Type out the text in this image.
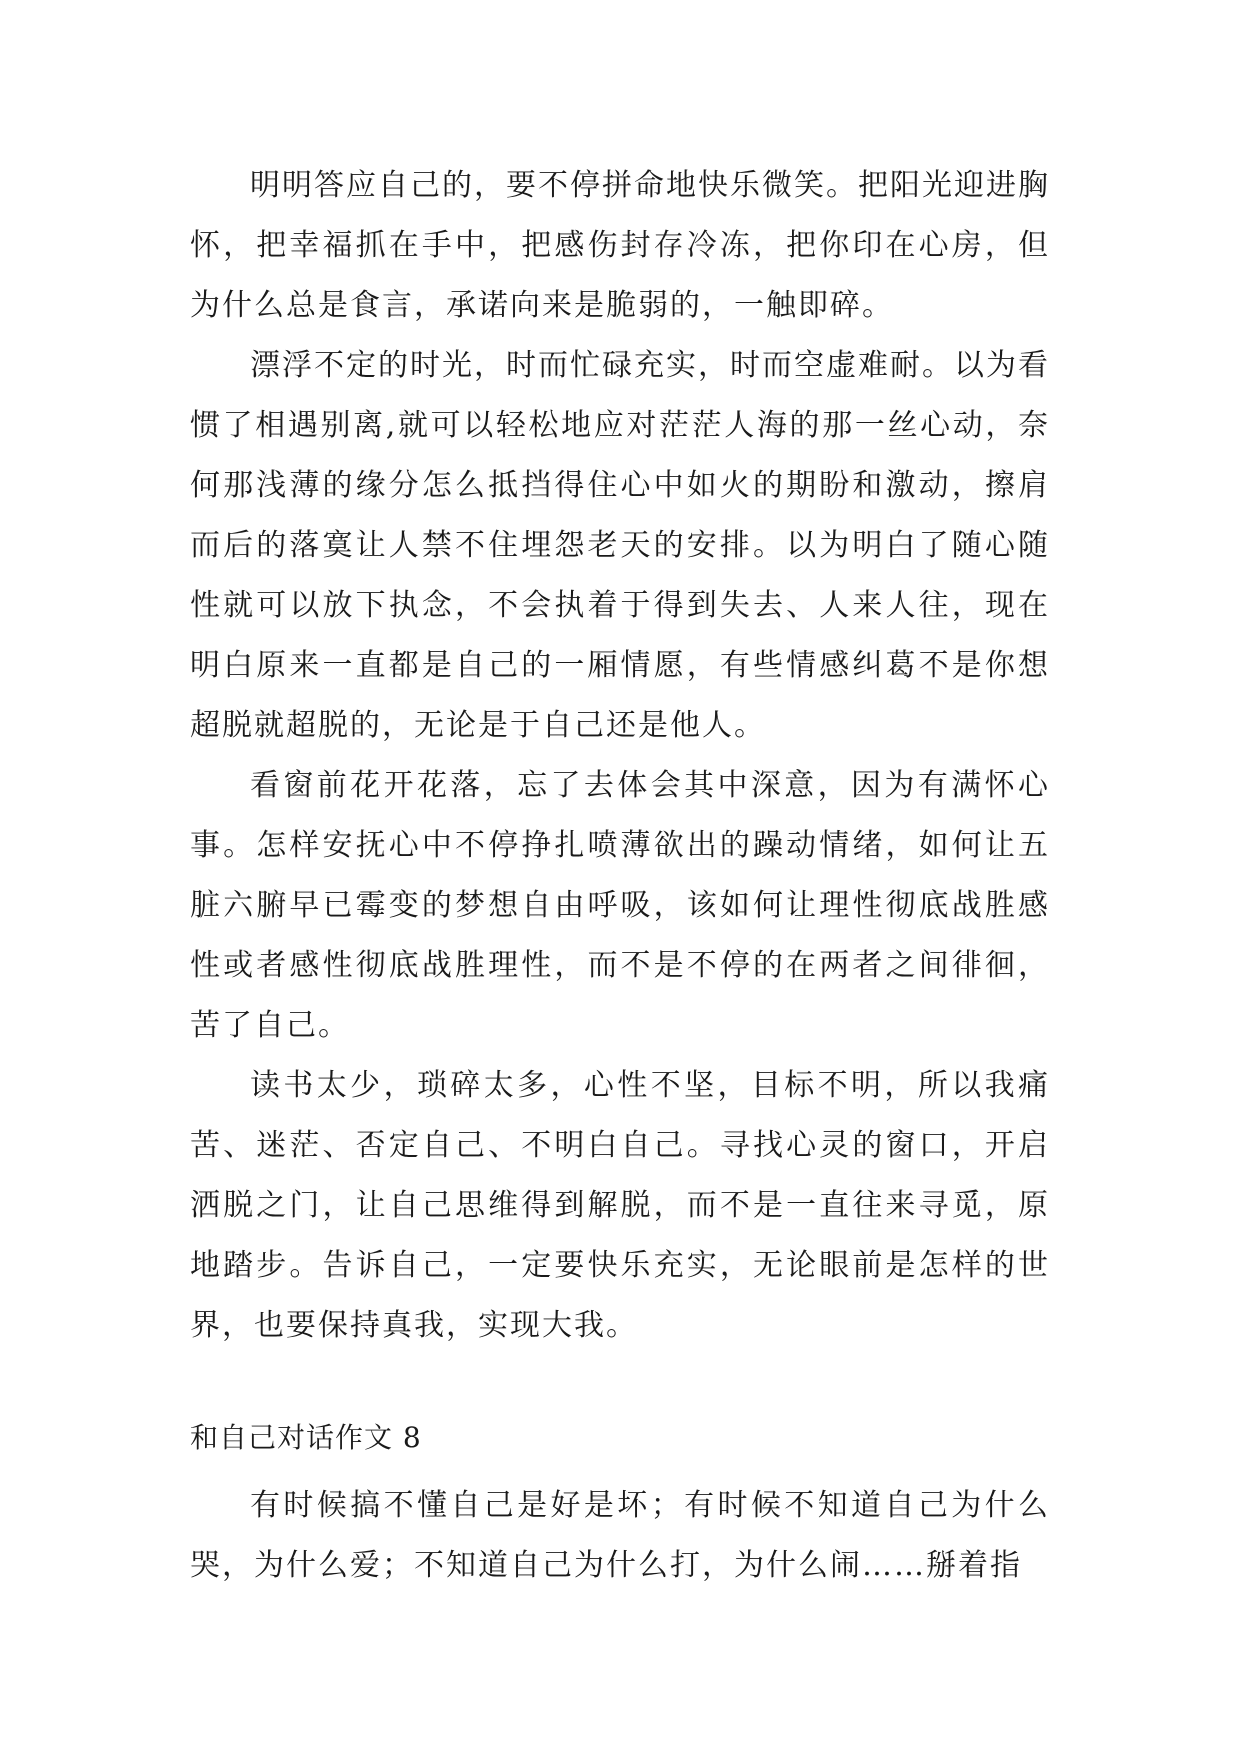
明明答应自己的，要不停拼命地快乐微笑。把阳光迎进胸怀，把幸福抓在手中，把感伤封存冷冻，把你印在心房，但为什么总是食言，承诺向来是脆弱的，一触即碎。

漂浮不定的时光，时而忙碌充实，时而空虚难耐。以为看惯了相遇别离,就可以轻松地应对茫茫人海的那一丝心动，奈何那浅薄的缘分怎么抵挡得住心中如火的期盼和激动，擦肩而后的落寞让人禁不住埋怨老天的安排。以为明白了随心随性就可以放下执念，不会执着于得到失去、人来人往，现在明白原来一直都是自己的一厢情愿，有些情感纠葛不是你想超脱就超脱的，无论是于自己还是他人。

看窗前花开花落，忘了去体会其中深意，因为有满怀心事。怎样安抚心中不停挣扎喷薄欲出的躁动情绪，如何让五脏六腑早已霉变的梦想自由呼吸，该如何让理性彻底战胜感性或者感性彻底战胜理性，而不是不停的在两者之间徘徊，苦了自己。

读书太少，琐碎太多，心性不坚，目标不明，所以我痛苦、迷茫、否定自己、不明白自己。寻找心灵的窗口，开启洒脱之门，让自己思维得到解脱，而不是一直往来寻觅，原地踏步。告诉自己，一定要快乐充实，无论眼前是怎样的世界，也要保持真我，实现大我。

和自己对话作文 8

有时候搞不懂自己是好是坏；有时候不知道自己为什么哭，为什么爱；不知道自己为什么打，为什么闹……掰着指
